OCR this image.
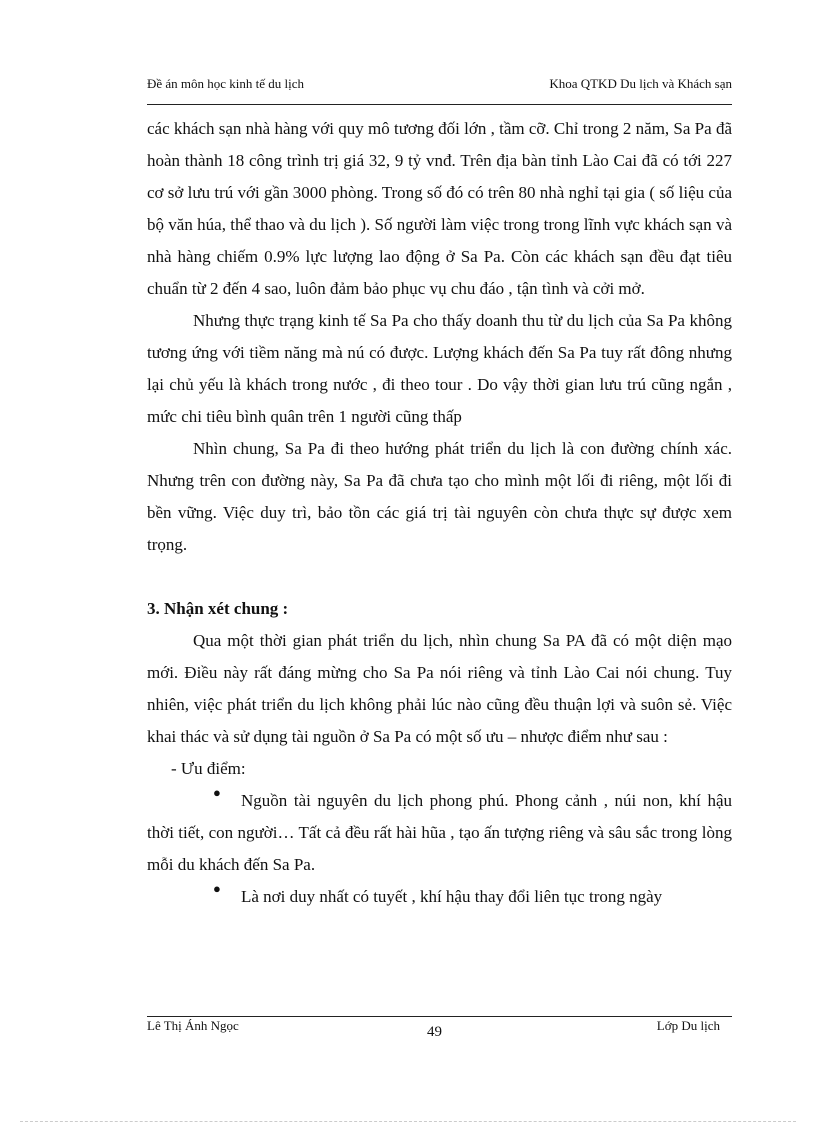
Đề án môn học kinh tế du lịch	Khoa QTKD Du lịch và Khách sạn

các khách sạn nhà hàng với quy mô tương đối lớn , tầm cỡ. Chỉ trong 2 năm, Sa Pa đã hoàn thành 18 công trình trị giá 32, 9 tỷ vnđ. Trên địa bàn tỉnh Lào Cai đã có tới 227 cơ sở lưu trú với gần 3000 phòng. Trong số đó có trên 80 nhà nghỉ tại gia ( số liệu của bộ văn húa, thể thao và du lịch ). Số người làm việc trong trong lĩnh vực khách sạn và nhà hàng chiếm 0.9% lực lượng lao động ở Sa Pa. Còn các khách sạn đều đạt tiêu chuẩn từ 2 đến 4 sao, luôn đảm bảo phục vụ chu đáo , tận tình và cởi mở.

Nhưng thực trạng kinh tế Sa Pa cho thấy doanh thu từ du lịch của Sa Pa không tương ứng với tiềm năng mà nú có được. Lượng khách đến Sa Pa tuy rất đông nhưng lại chủ yếu là khách trong nước , đi theo tour . Do vậy thời gian lưu trú cũng ngắn , mức chi tiêu bình quân trên 1 người cũng thấp

Nhìn chung, Sa Pa đi theo hướng phát triển du lịch là con đường chính xác. Nhưng trên con đường này, Sa Pa đã chưa tạo cho mình một lối đi riêng, một lối đi bền vững. Việc duy trì, bảo tồn các giá trị tài nguyên còn chưa thực sự được xem trọng.

3. Nhận xét chung :

Qua một thời gian phát triển du lịch, nhìn chung Sa PA đã có một diện mạo mới. Điều này rất đáng mừng cho Sa Pa nói riêng và tỉnh Lào Cai nói chung. Tuy nhiên, việc phát triển du lịch không phải lúc nào cũng đều thuận lợi và suôn sẻ. Việc khai thác và sử dụng tài nguồn ở Sa Pa có một số ưu – nhược điểm như sau :

- Ưu điểm:

●	Nguồn tài nguyên du lịch phong phú. Phong cảnh , núi non, khí hậu thời tiết, con người… Tất cả đều rất hài hũa , tạo ấn tượng riêng và sâu sắc trong lòng mỗi du khách đến Sa Pa.

●	Là nơi duy nhất có tuyết , khí hậu thay đổi liên tục trong ngày

Lê Thị Ánh Ngọc	49	Lớp Du lịch
